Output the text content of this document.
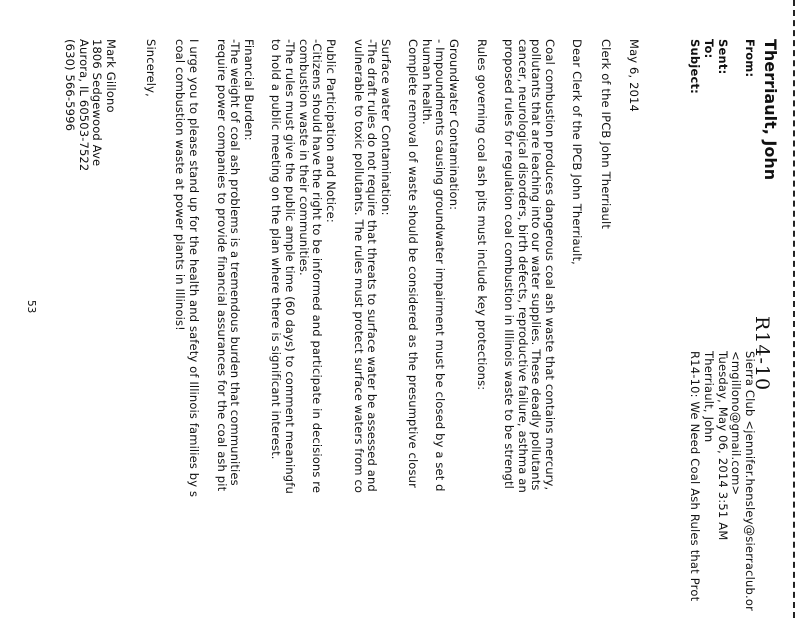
R14-10
Therriault, John
From:
Sent:
To:
Subject:
Sierra Club <jennifer.hensley@sierraclub.or
<mgillono@gmail.com>
Tuesday, May 06, 2014 3:51 AM
Therriault, John
R14-10: We Need Coal Ash Rules that Prot
May 6, 2014
Clerk of the IPCB John Therriault
Dear Clerk of the IPCB John Therriault,
Coal combustion produces dangerous coal ash waste that contains mercury,
pollutants that are leaching into our water supplies. These deadly pollutants
cancer, neurological disorders, birth defects, reproductive failure, asthma an
proposed rules for regulation coal combustion in Illinois waste to be strengtl
Rules governing coal ash pits must include key protections:
Groundwater Contamination:
- Impoundments causing groundwater impairment must be closed by a set d
human health.
Complete removal of waste should be considered as the presumptive closur
Surface water Contamination:
-The draft rules do not require that threats to surface water be assessed and
vulnerable to toxic pollutants. The rules must protect surface waters from co
Public Participation and Notice:
-Citizens should have the right to be informed and participate in decisions re
combustion waste in their communities.
-The rules must give the public ample time (60 days) to comment meaningfu
to hold a public meeting on the plan where there is significant interest.
Financial Burden:
-The weight of coal ash problems is a tremendous burden that communities
require power companies to provide financial assurances for the coal ash pit
I urge you to please stand up for the health and safety of Illinois families by s
coal combustion waste at power plants in Illinois!
Sincerely,
Mark Gillono
1806 Sedgewood Ave
Aurora, IL 60503-7522
(630) 566-5996
53
